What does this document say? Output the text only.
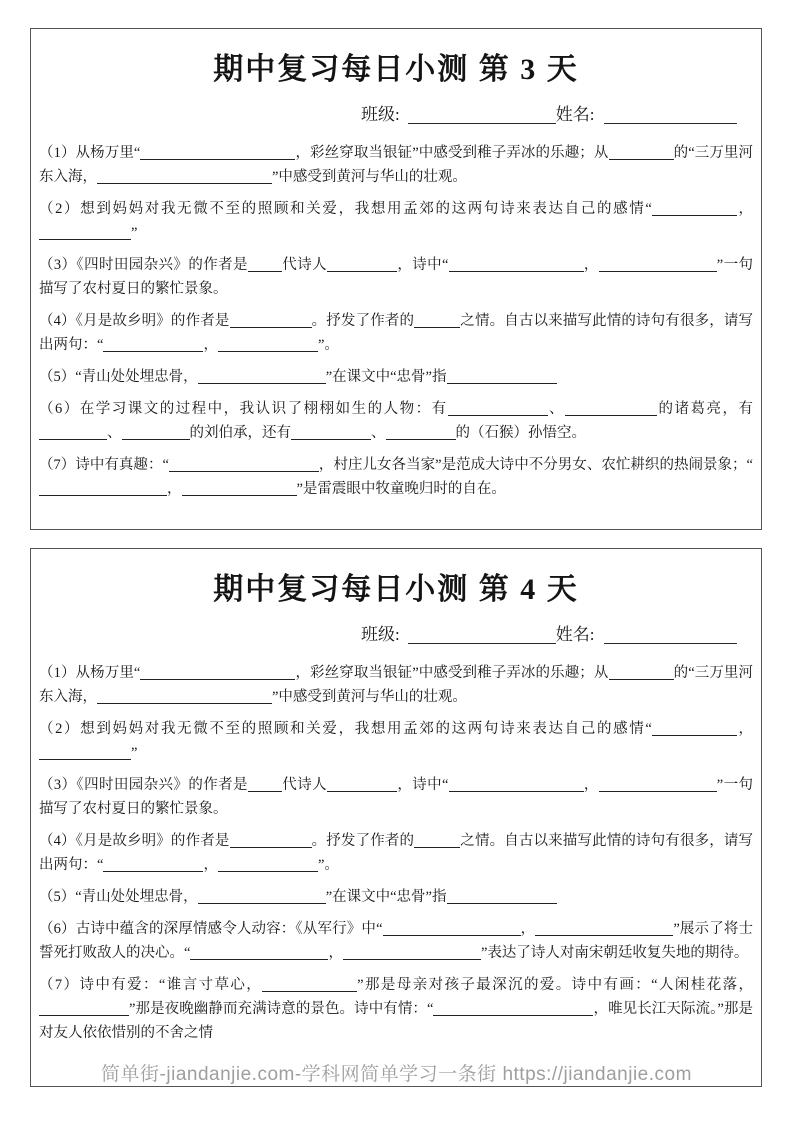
期中复习每日小测 第 3 天
班级:	姓名:

（1）从杨万里“	，彩丝穿取当银钲”中感受到稚子弄冰的乐趣；从	的“三万里河东入海，	”中感受到黄河与华山的壮观。

（2）想到妈妈对我无微不至的照顾和关爱，我想用孟郊的这两句诗来表达自己的感情“	，”

（3）《四时田园杂兴》的作者是 代诗人	，诗中“	，	”一句描写了农村夏日的繁忙景象。

（4）《月是故乡明》的作者是	。抒发了作者的	之情。自古以来描写此情的诗句有很多，请写出两句：“	，	”。

（5）“青山处处埋忠骨，	”在课文中“忠骨”指

（6）在学习课文的过程中，我认识了栩栩如生的人物：有	、	的诸葛亮，有、	的刘伯承，还有	、	的（石猴）孙悟空。

（7）诗中有真趣：“	，村庄儿女各当家”是范成大诗中不分男女、农忙耕织的热闹景象；“，	”是雷震眼中牧童晚归时的自在。

期中复习每日小测 第 4 天
班级:	姓名:

（1）从杨万里“	，彩丝穿取当银钲”中感受到稚子弄冰的乐趣；从	的“三万里河东入海，	”中感受到黄河与华山的壮观。

（2）想到妈妈对我无微不至的照顾和关爱，我想用孟郊的这两句诗来表达自己的感情“	，”

（3）《四时田园杂兴》的作者是 代诗人	，诗中“	，	”一句描写了农村夏日的繁忙景象。

（4）《月是故乡明》的作者是	。抒发了作者的	之情。自古以来描写此情的诗句有很多，请写出两句：“	，	”。

（5）“青山处处埋忠骨，	”在课文中“忠骨”指

（6）古诗中蕴含的深厚情感令人动容：《从军行》中“	，	”展示了将士誓死打败敌人的决心。“	，	”表达了诗人对南宋朝廷收复失地的期待。

（7）诗中有爱：“谁言寸草心，	”那是母亲对孩子最深沉的爱。诗中有画：“人闲桂花落，”那是夜晚幽静而充满诗意的景色。诗中有情：“	，唯见长江天际流。”那是对友人依依惜别的不舍之情

简单街-jiandanjie.com-学科网简单学习一条街 https://jiandanjie.com
